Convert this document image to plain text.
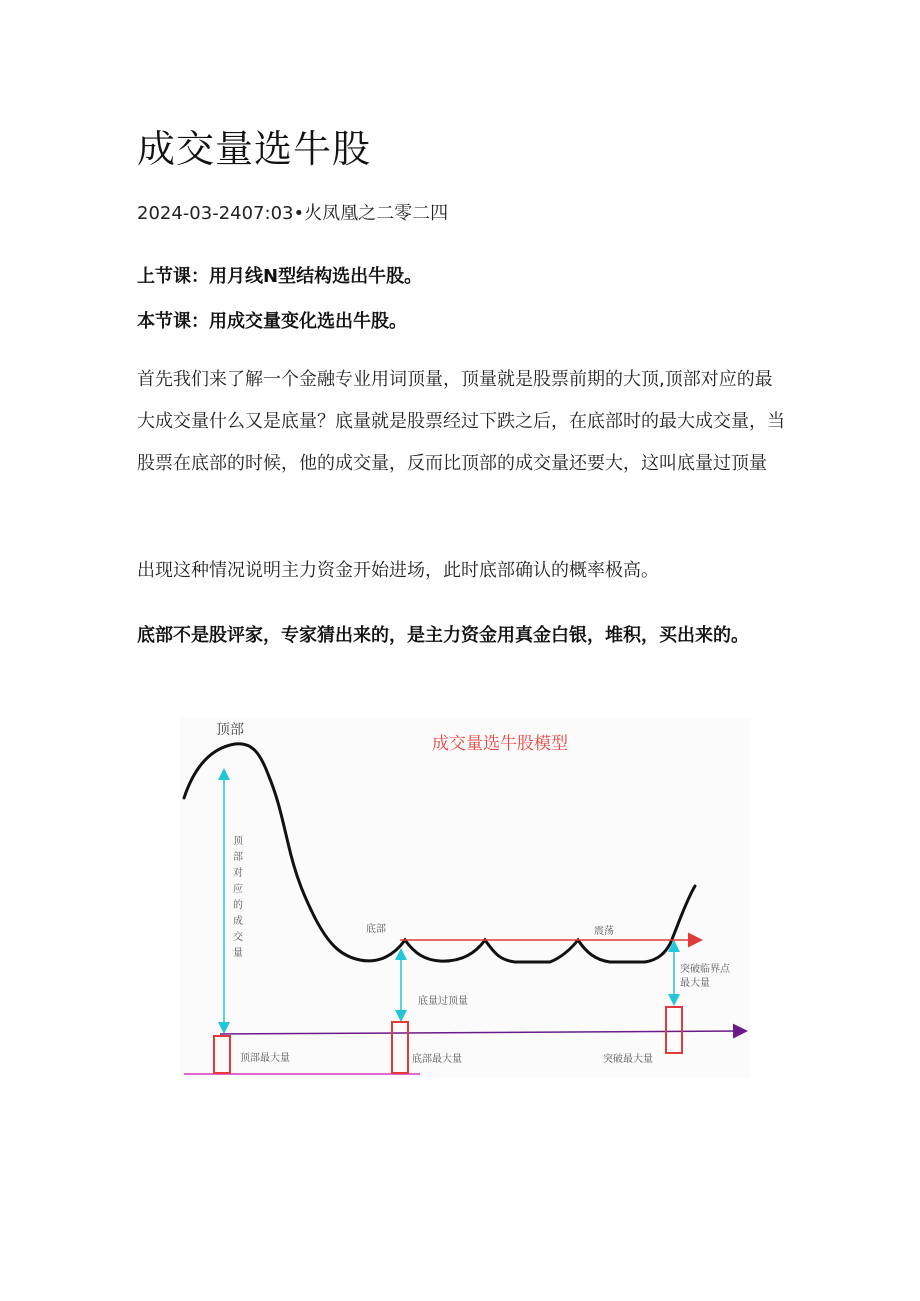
成交量选牛股
2024-03-2407:03•火凤凰之二零二四
上节课：用月线N型结构选出牛股。
本节课：用成交量变化选出牛股。

首先我们来了解一个金融专业用词顶量，顶量就是股票前期的大顶,顶部对应的最大成交量什么又是底量？底量就是股票经过下跌之后，在底部时的最大成交量，当股票在底部的时候，他的成交量，反而比顶部的成交量还要大，这叫底量过顶量

出现这种情况说明主力资金开始进场，此时底部确认的概率极高。

底部不是股评家，专家猜出来的，是主力资金用真金白银，堆积，买出来的。

成交量选牛股模型
顶部
底部	震荡
底量过顶量
突破临界点
最大量
顶部最大量	底部最大量	突破最大量
顶
部
对
应
的
成
交
量
